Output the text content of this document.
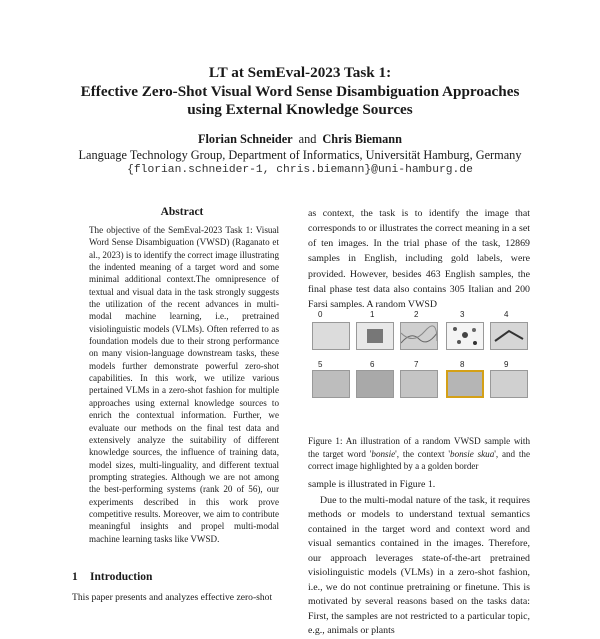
LT at SemEval-2023 Task 1:
Effective Zero-Shot Visual Word Sense Disambiguation Approaches
using External Knowledge Sources
Florian Schneider and Chris Biemann
Language Technology Group, Department of Informatics, Universität Hamburg, Germany
{florian.schneider-1, chris.biemann}@uni-hamburg.de
Abstract
The objective of the SemEval-2023 Task 1: Visual Word Sense Disambiguation (VWSD) (Raganato et al., 2023) is to identify the correct image illustrating the indented meaning of a target word and some minimal additional context.The omnipresence of textual and visual data in the task strongly suggests the utilization of the recent advances in multi-modal machine learning, i.e., pretrained visiolinguistic models (VLMs). Often referred to as foundation models due to their strong performance on many vision-language downstream tasks, these models further demonstrate powerful zero-shot capabilities. In this work, we utilize various pertained VLMs in a zero-shot fashion for multiple approaches using external knowledge sources to enrich the contextual information. Further, we evaluate our methods on the final test data and extensively analyze the suitability of different knowledge sources, the influence of training data, model sizes, multi-linguality, and different textual prompting strategies. Although we are not among the best-performing systems (rank 20 of 56), our experiments described in this work prove competitive results. Moreover, we aim to contribute meaningful insights and propel multi-modal machine learning tasks like VWSD.
1 Introduction
This paper presents and analyzes effective zero-shot
as context, the task is to identify the image that corresponds to or illustrates the correct meaning in a set of ten images. In the trial phase of the task, 12869 samples in English, including gold labels, were provided. However, besides 463 English samples, the final phase test data also contains 305 Italian and 200 Farsi samples. A random VWSD
0	1	2	3	4
5	6	7	8	9
Figure 1: An illustration of a random VWSD sample with the target word 'bonsie', the context 'bonsie skua', and the correct image highlighted by a a golden border

sample is illustrated in Figure 1.

Due to the multi-modal nature of the task, it requires methods or models to understand textual semantics contained in the target word and context word and visual semantics contained in the images. Therefore, our approach leverages state-of-the-art pretrained visiolinguistic models (VLMs) in a zero-shot fashion, i.e., we do not continue pretraining or finetune. This is motivated by several reasons based on the tasks data: First, the samples are not restricted to a particular topic, e.g., animals or plants
